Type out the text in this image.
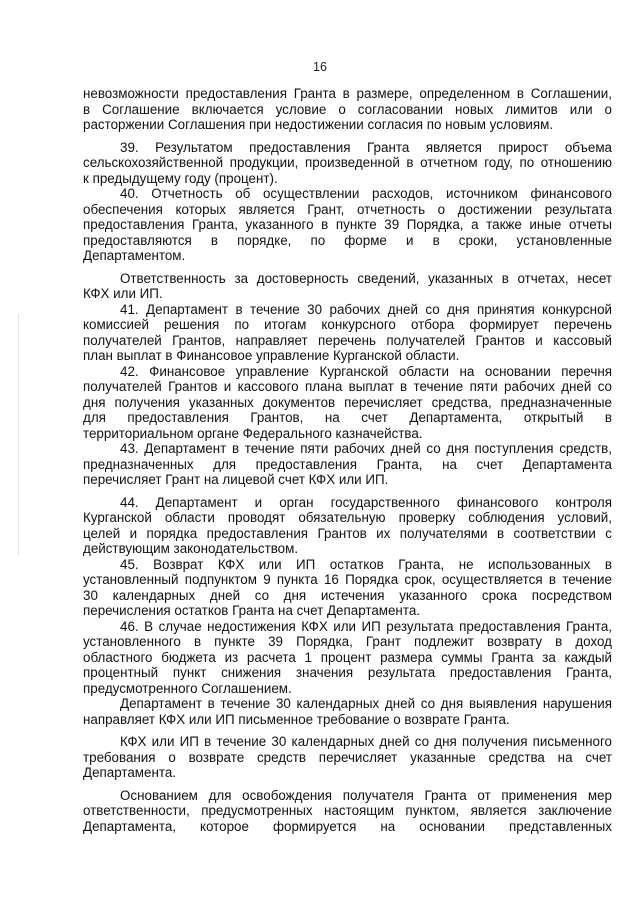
16
невозможности предоставления Гранта в размере, определенном в Соглашении,
в Соглашение включается условие о согласовании новых лимитов или о
расторжении Соглашения при недостижении согласия по новым условиям.
39. Результатом предоставления Гранта является прирост объема
сельскохозяйственной продукции, произведенной в отчетном году, по отношению
к предыдущему году (процент).
40. Отчетность об осуществлении расходов, источником финансового
обеспечения которых является Грант, отчетность о достижении результата
предоставления Гранта, указанного в пункте 39 Порядка, а также иные отчеты
предоставляются в порядке, по форме и в сроки, установленные
Департаментом.
Ответственность за достоверность сведений, указанных в отчетах, несет
КФХ или ИП.
41. Департамент в течение 30 рабочих дней со дня принятия конкурсной
комиссией решения по итогам конкурсного отбора формирует перечень
получателей Грантов, направляет перечень получателей Грантов и кассовый
план выплат в Финансовое управление Курганской области.
42. Финансовое управление Курганской области на основании перечня
получателей Грантов и кассового плана выплат в течение пяти рабочих дней со
дня получения указанных документов перечисляет средства, предназначенные
для предоставления Грантов, на счет Департамента, открытый в
территориальном органе Федерального казначейства.
43. Департамент в течение пяти рабочих дней со дня поступления средств,
предназначенных для предоставления Гранта, на счет Департамента
перечисляет Грант на лицевой счет КФХ или ИП.
44. Департамент и орган государственного финансового контроля
Курганской области проводят обязательную проверку соблюдения условий,
целей и порядка предоставления Грантов их получателями в соответствии с
действующим законодательством.
45. Возврат КФХ или ИП остатков Гранта, не использованных в
установленный подпунктом 9 пункта 16 Порядка срок, осуществляется в течение
30 календарных дней со дня истечения указанного срока посредством
перечисления остатков Гранта на счет Департамента.
46. В случае недостижения КФХ или ИП результата предоставления Гранта,
установленного в пункте 39 Порядка, Грант подлежит возврату в доход
областного бюджета из расчета 1 процент размера суммы Гранта за каждый
процентный пункт снижения значения результата предоставления Гранта,
предусмотренного Соглашением.
Департамент в течение 30 календарных дней со дня выявления нарушения
направляет КФХ или ИП письменное требование о возврате Гранта.
КФХ или ИП в течение 30 календарных дней со дня получения письменного
требования о возврате средств перечисляет указанные средства на счет
Департамента.
Основанием для освобождения получателя Гранта от применения мер
ответственности, предусмотренных настоящим пунктом, является заключение
Департамента, которое формируется на основании представленных
